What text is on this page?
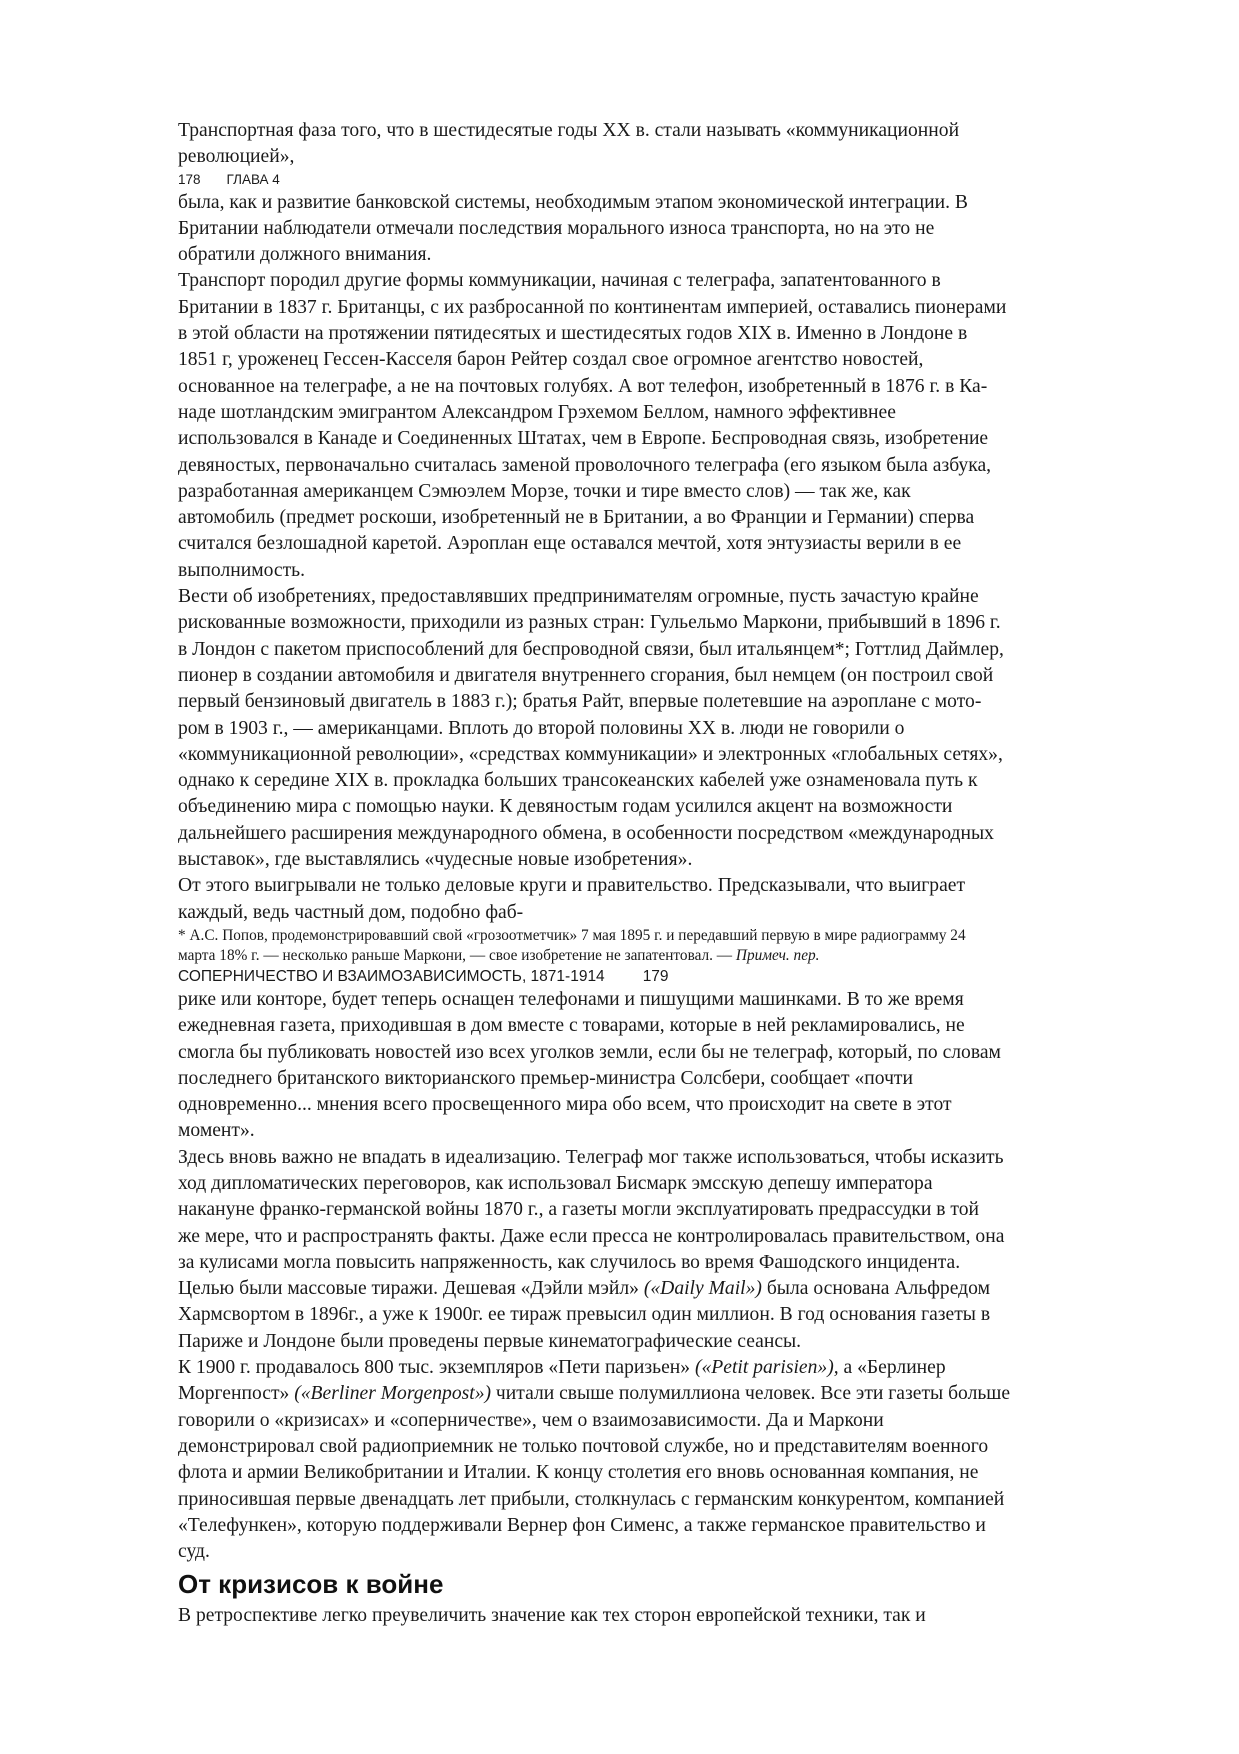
Транспортная фаза того, что в шестидесятые годы XX в. стали называть «коммуникационной
революцией»,

178 ГЛАВА 4

была, как и развитие банковской системы, необходимым этапом экономической интеграции. В
Британии наблюдатели отмечали последствия морального износа транспорта, но на это не
обратили должного внимания.

Транспорт породил другие формы коммуникации, начиная с телеграфа, запатентованного в
Британии в 1837 г. Британцы, с их разбросанной по континентам империей, оставались пионерами
в этой области на протяжении пятидесятых и шестидесятых годов XIX в. Именно в Лондоне в
1851 г, уроженец Гессен-Касселя барон Рейтер создал свое огромное агентство новостей,
основанное на телеграфе, а не на почтовых голубях. А вот телефон, изобретенный в 1876 г. в Ка-
наде шотландским эмигрантом Александром Грэхемом Беллом, намного эффективнее
использовался в Канаде и Соединенных Штатах, чем в Европе. Беспроводная связь, изобретение
девяностых, первоначально считалась заменой проволочного телеграфа (его языком была азбука,
разработанная американцем Сэмюэлем Морзе, точки и тире вместо слов) — так же, как
автомобиль (предмет роскоши, изобретенный не в Британии, а во Франции и Германии) сперва
считался безлошадной каретой. Аэроплан еще оставался мечтой, хотя энтузиасты верили в ее
выполнимость.

Вести об изобретениях, предоставлявших предпринимателям огромные, пусть зачастую крайне
рискованные возможности, приходили из разных стран: Гульельмо Маркони, прибывший в 1896 г.
в Лондон с пакетом приспособлений для беспроводной связи, был итальянцем*; Готтлид Даймлер,
пионер в создании автомобиля и двигателя внутреннего сгорания, был немцем (он построил свой
первый бензиновый двигатель в 1883 г.); братья Райт, впервые полетевшие на аэроплане с мото-
ром в 1903 г., — американцами. Вплоть до второй половины XX в. люди не говорили о
«коммуникационной революции», «средствах коммуникации» и электронных «глобальных сетях»,
однако к середине XIX в. прокладка больших трансокеанских кабелей уже ознаменовала путь к
объединению мира с помощью науки. К девяностым годам усилился акцент на возможности
дальнейшего расширения международного обмена, в особенности посредством «международных
выставок», где выставлялись «чудесные новые изобретения».

От этого выигрывали не только деловые круги и правительство. Предсказывали, что выиграет
каждый, ведь частный дом, подобно фаб-

* А.С. Попов, продемонстрировавший свой «грозоотметчик» 7 мая 1895 г. и передавший первую в мире радиограмму 24
марта 18% г. — несколько раньше Маркони, — свое изобретение не запатентовал. — Примеч. пер.

СОПЕРНИЧЕСТВО И ВЗАИМОЗАВИСИМОСТЬ, 1871-1914 179

рике или конторе, будет теперь оснащен телефонами и пишущими машинками. В то же время
ежедневная газета, приходившая в дом вместе с товарами, которые в ней рекламировались, не
смогла бы публиковать новостей изо всех уголков земли, если бы не телеграф, который, по словам
последнего британского викторианского премьер-министра Солсбери, сообщает «почти
одновременно... мнения всего просвещенного мира обо всем, что происходит на свете в этот
момент».

Здесь вновь важно не впадать в идеализацию. Телеграф мог также использоваться, чтобы исказить
ход дипломатических переговоров, как использовал Бисмарк эмсскую депешу императора
накануне франко-германской войны 1870 г., а газеты могли эксплуатировать предрассудки в той
же мере, что и распространять факты. Даже если пресса не контролировалась правительством, она
за кулисами могла повысить напряженность, как случилось во время Фашодского инцидента.

Целью были массовые тиражи. Дешевая «Дэйли мэйл» («Daily Mail») была основана Альфредом
Хармсвортом в 1896г., а уже к 1900г. ее тираж превысил один миллион. В год основания газеты в
Париже и Лондоне были проведены первые кинематографические сеансы.

К 1900 г. продавалось 800 тыс. экземпляров «Пети паризьен» («Petit parisien»), а «Берлинер
Моргенпост» («Berliner Morgenpost») читали свыше полумиллиона человек. Все эти газеты больше
говорили о «кризисах» и «соперничестве», чем о взаимозависимости. Да и Маркони
демонстрировал свой радиоприемник не только почтовой службе, но и представителям военного
флота и армии Великобритании и Италии. К концу столетия его вновь основанная компания, не
приносившая первые двенадцать лет прибыли, столкнулась с германским конкурентом, компанией
«Телефункен», которую поддерживали Вернер фон Сименс, а также германское правительство и
суд.

От кризисов к войне

В ретроспективе легко преувеличить значение как тех сторон европейской техники, так и
